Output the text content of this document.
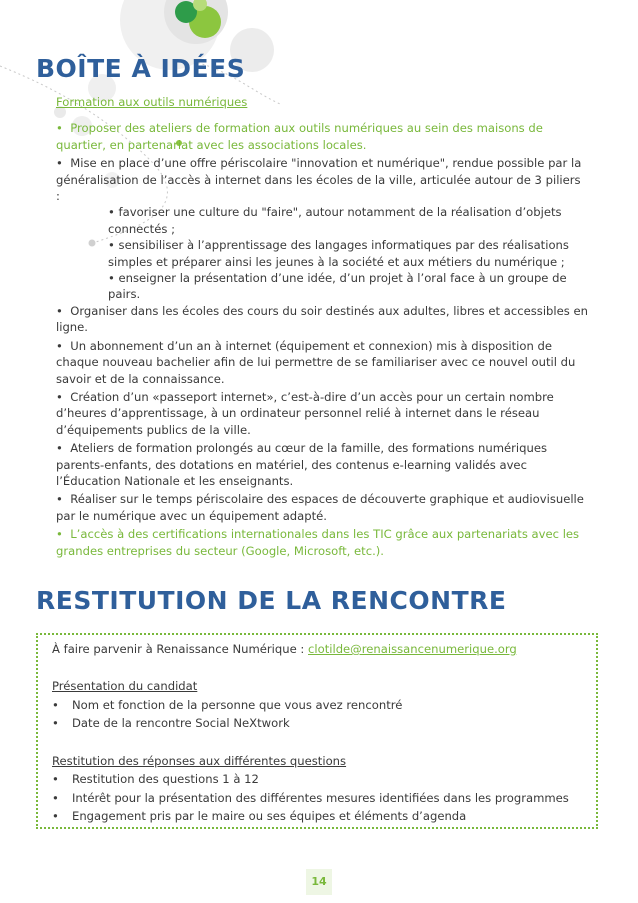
BOÎTE À IDÉES
Formation aux outils numériques

• Proposer des ateliers de formation aux outils numériques au sein des maisons de quartier, en partenariat avec les associations locales.

• Mise en place d’une offre périscolaire "innovation et numérique", rendue possible par la généralisation de l’accès à internet dans les écoles de la ville, articulée autour de 3 piliers :

• favoriser une culture du "faire", autour notamment de la réalisation d’objets connectés ;

• sensibiliser à l’apprentissage des langages informatiques par des réalisations simples et préparer ainsi les jeunes à la société et aux métiers du numérique ;

• enseigner la présentation d’une idée, d’un projet à l’oral face à un groupe de pairs.

• Organiser dans les écoles des cours du soir destinés aux adultes, libres et accessibles en ligne.

• Un abonnement d’un an à internet (équipement et connexion) mis à disposition de chaque nouveau bachelier afin de lui permettre de se familiariser avec ce nouvel outil du savoir et de la connaissance.

• Création d’un «passeport internet», c’est-à-dire d’un accès pour un certain nombre d’heures d’apprentissage, à un ordinateur personnel relié à internet dans le réseau d’équipements publics de la ville.

• Ateliers de formation prolongés au cœur de la famille, des formations numériques parents-enfants, des dotations en matériel, des contenus e-learning validés avec l’Éducation Nationale et les enseignants.

• Réaliser sur le temps périscolaire des espaces de découverte graphique et audiovisuelle par le numérique avec un équipement adapté.

• L’accès à des certifications internationales dans les TIC grâce aux partenariats avec les grandes entreprises du secteur (Google, Microsoft, etc.).

RESTITUTION DE LA RENCONTRE

À faire parvenir à Renaissance Numérique : clotilde@renaissancenumerique.org

Présentation du candidat

• Nom et fonction de la personne que vous avez rencontré

• Date de la rencontre Social NeXtwork

Restitution des réponses aux différentes questions

• Restitution des questions 1 à 12

• Intérêt pour la présentation des différentes mesures identifiées dans les programmes

• Engagement pris par le maire ou ses équipes et éléments d’agenda

14
